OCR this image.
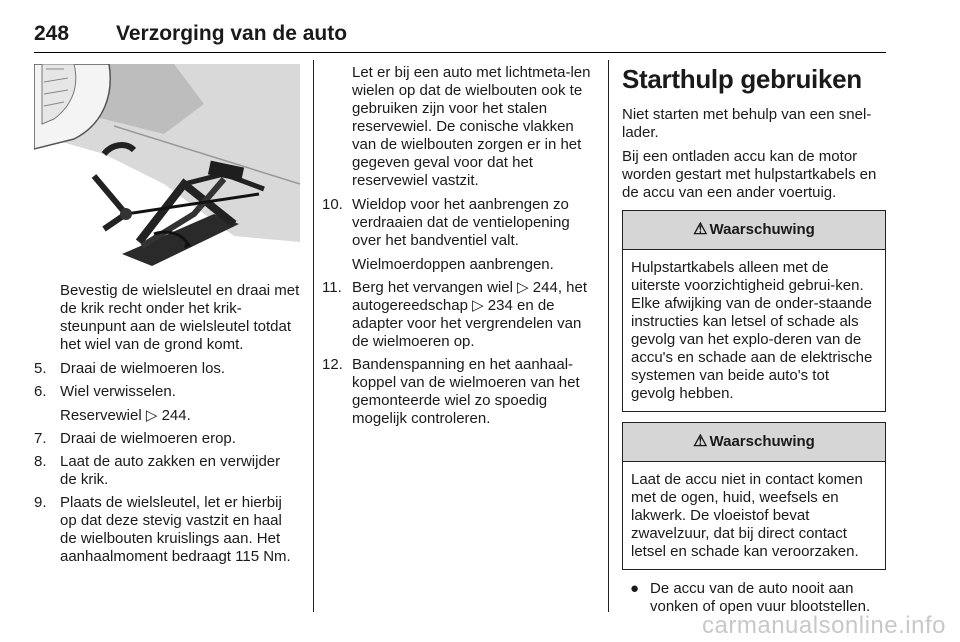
248 Verzorging van de auto

Bevestig de wielsleutel en draai met de krik recht onder het krik-steunpunt aan de wielsleutel totdat het wiel van de grond komt.

5. Draai de wielmoeren los.
6. Wiel verwisselen.
Reservewiel ▷ 244.
7. Draai de wielmoeren erop.
8. Laat de auto zakken en verwijder de krik.
9. Plaats de wielsleutel, let er hierbij op dat deze stevig vastzit en haal de wielbouten kruislings aan. Het aanhaalmoment bedraagt 115 Nm.

Let er bij een auto met lichtmeta-len wielen op dat de wielbouten ook te gebruiken zijn voor het stalen reservewiel. De conische vlakken van de wielbouten zorgen er in het gegeven geval voor dat het reservewiel vastzit.

10. Wieldop voor het aanbrengen zo verdraaien dat de ventielopening over het bandventiel valt.
Wielmoerdoppen aanbrengen.
11. Berg het vervangen wiel ▷ 244, het autogereedschap ▷ 234 en de adapter voor het vergrendelen van de wielmoeren op.
12. Bandenspanning en het aanhaal-koppel van de wielmoeren van het gemonteerde wiel zo spoedig mogelijk controleren.
Starthulp gebruiken

Niet starten met behulp van een snel-lader.

Bij een ontladen accu kan de motor worden gestart met hulpstartkabels en de accu van een ander voertuig.

⚠ Waarschuwing
Hulpstartkabels alleen met de uiterste voorzichtigheid gebrui-ken. Elke afwijking van de onder-staande instructies kan letsel of schade als gevolg van het explo-deren van de accu's en schade aan de elektrische systemen van beide auto's tot gevolg hebben.
⚠ Waarschuwing
Laat de accu niet in contact komen met de ogen, huid, weefsels en lakwerk. De vloeistof bevat zwavelzuur, dat bij direct contact letsel en schade kan veroorzaken.
● De accu van de auto nooit aan vonken of open vuur blootstellen.
carmanualsonline.info
